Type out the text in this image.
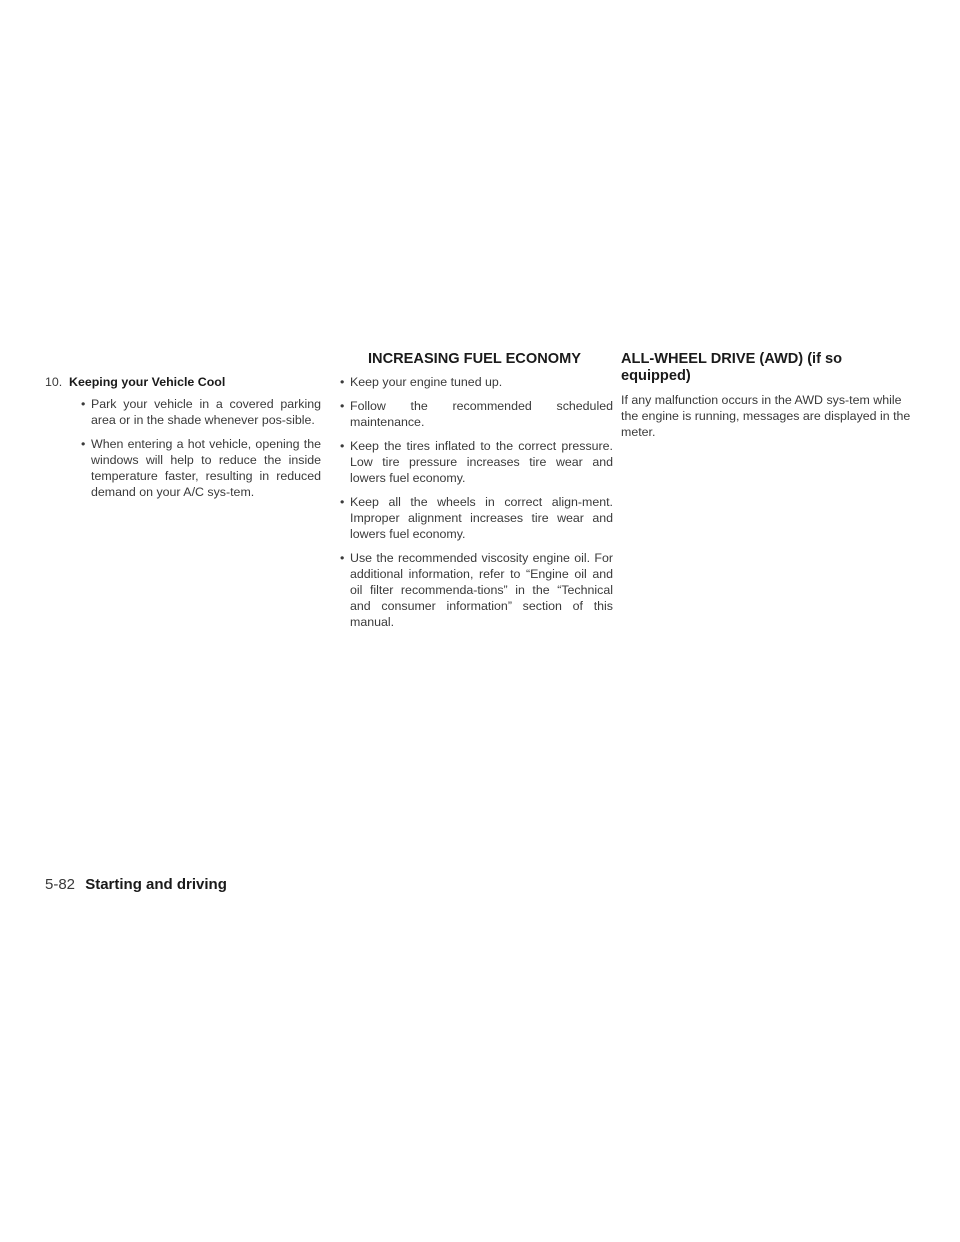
10. Keeping your Vehicle Cool
• Park your vehicle in a covered parking area or in the shade whenever pos-sible.
• When entering a hot vehicle, opening the windows will help to reduce the inside temperature faster, resulting in reduced demand on your A/C sys-tem.
INCREASING FUEL ECONOMY
• Keep your engine tuned up.
• Follow the recommended scheduled maintenance.
• Keep the tires inflated to the correct pressure. Low tire pressure increases tire wear and lowers fuel economy.
• Keep all the wheels in correct align-ment. Improper alignment increases tire wear and lowers fuel economy.
• Use the recommended viscosity engine oil. For additional information, refer to “Engine oil and oil filter recommenda-tions” in the “Technical and consumer information” section of this manual.
ALL-WHEEL DRIVE (AWD) (if so equipped)

If any malfunction occurs in the AWD sys-tem while the engine is running, messages are displayed in the meter.

5-82 Starting and driving
